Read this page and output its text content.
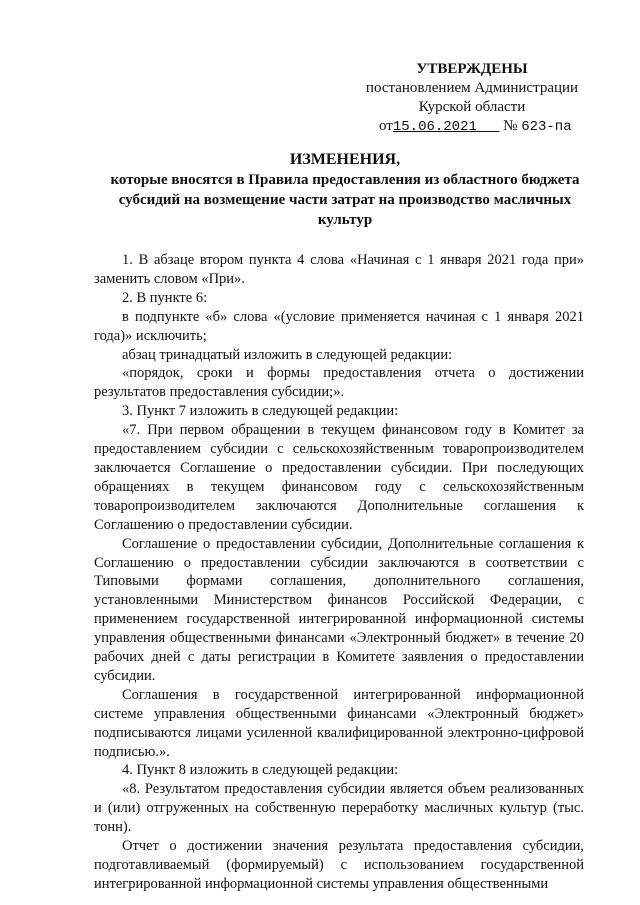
УТВЕРЖДЕНЫ
постановлением Администрации
Курской области
от15.06.2021 № 623-па
ИЗМЕНЕНИЯ,
которые вносятся в Правила предоставления из областного бюджета субсидий на возмещение части затрат на производство масличных культур

1. В абзаце втором пункта 4 слова «Начиная с 1 января 2021 года при» заменить словом «При».

2. В пункте 6:

в подпункте «б» слова «(условие применяется начиная с 1 января 2021 года)» исключить;

абзац тринадцатый изложить в следующей редакции:

«порядок, сроки и формы предоставления отчета о достижении результатов предоставления субсидии;».

3. Пункт 7 изложить в следующей редакции:

«7. При первом обращении в текущем финансовом году в Комитет за предоставлением субсидии с сельскохозяйственным товаропроизводителем заключается Соглашение о предоставлении субсидии. При последующих обращениях в текущем финансовом году с сельскохозяйственным товаропроизводителем заключаются Дополнительные соглашения к Соглашению о предоставлении субсидии.

Соглашение о предоставлении субсидии, Дополнительные соглашения к Соглашению о предоставлении субсидии заключаются в соответствии с Типовыми формами соглашения, дополнительного соглашения, установленными Министерством финансов Российской Федерации, с применением государственной интегрированной информационной системы управления общественными финансами «Электронный бюджет» в течение 20 рабочих дней с даты регистрации в Комитете заявления о предоставлении субсидии.

Соглашения в государственной интегрированной информационной системе управления общественными финансами «Электронный бюджет» подписываются лицами усиленной квалифицированной электронно-цифровой подписью.».

4. Пункт 8 изложить в следующей редакции:

«8. Результатом предоставления субсидии является объем реализованных и (или) отгруженных на собственную переработку масличных культур (тыс. тонн).

Отчет о достижении значения результата предоставления субсидии, подготавливаемый (формируемый) с использованием государственной интегрированной информационной системы управления общественными
